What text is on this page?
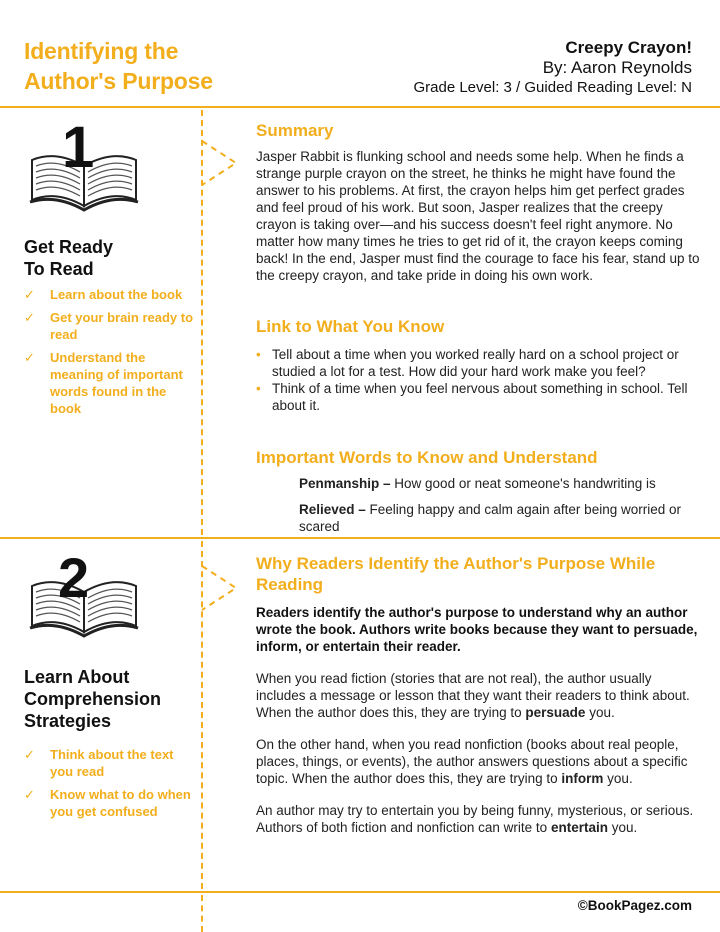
Identifying the
Author's Purpose
Creepy Crayon!
By: Aaron Reynolds
Grade Level: 3 / Guided Reading Level: N
1
Get Ready
To Read
✓ Learn about the book
✓ Get your brain ready to read
✓ Understand the meaning of important words found in the book
Summary
Jasper Rabbit is flunking school and needs some help. When he finds a strange purple crayon on the street, he thinks he might have found the answer to his problems. At first, the crayon helps him get perfect grades and feel proud of his work. But soon, Jasper realizes that the creepy crayon is taking over—and his success doesn't feel right anymore. No matter how many times he tries to get rid of it, the crayon keeps coming back! In the end, Jasper must find the courage to face his fear, stand up to the creepy crayon, and take pride in doing his own work.
Link to What You Know
• Tell about a time when you worked really hard on a school project or studied a lot for a test. How did your hard work make you feel?
• Think of a time when you feel nervous about something in school. Tell about it.
Important Words to Know and Understand
Penmanship – How good or neat someone's handwriting is
Relieved – Feeling happy and calm again after being worried or scared
2
Learn About
Comprehension
Strategies
✓ Think about the text you read
✓ Know what to do when you get confused
Why Readers Identify the Author's Purpose While Reading
Readers identify the author's purpose to understand why an author wrote the book. Authors write books because they want to persuade, inform, or entertain their reader.
When you read fiction (stories that are not real), the author usually includes a message or lesson that they want their readers to think about. When the author does this, they are trying to persuade you.
On the other hand, when you read nonfiction (books about real people, places, things, or events), the author answers questions about a specific topic. When the author does this, they are trying to inform you.
An author may try to entertain you by being funny, mysterious, or serious. Authors of both fiction and nonfiction can write to entertain you.
©BookPagez.com
